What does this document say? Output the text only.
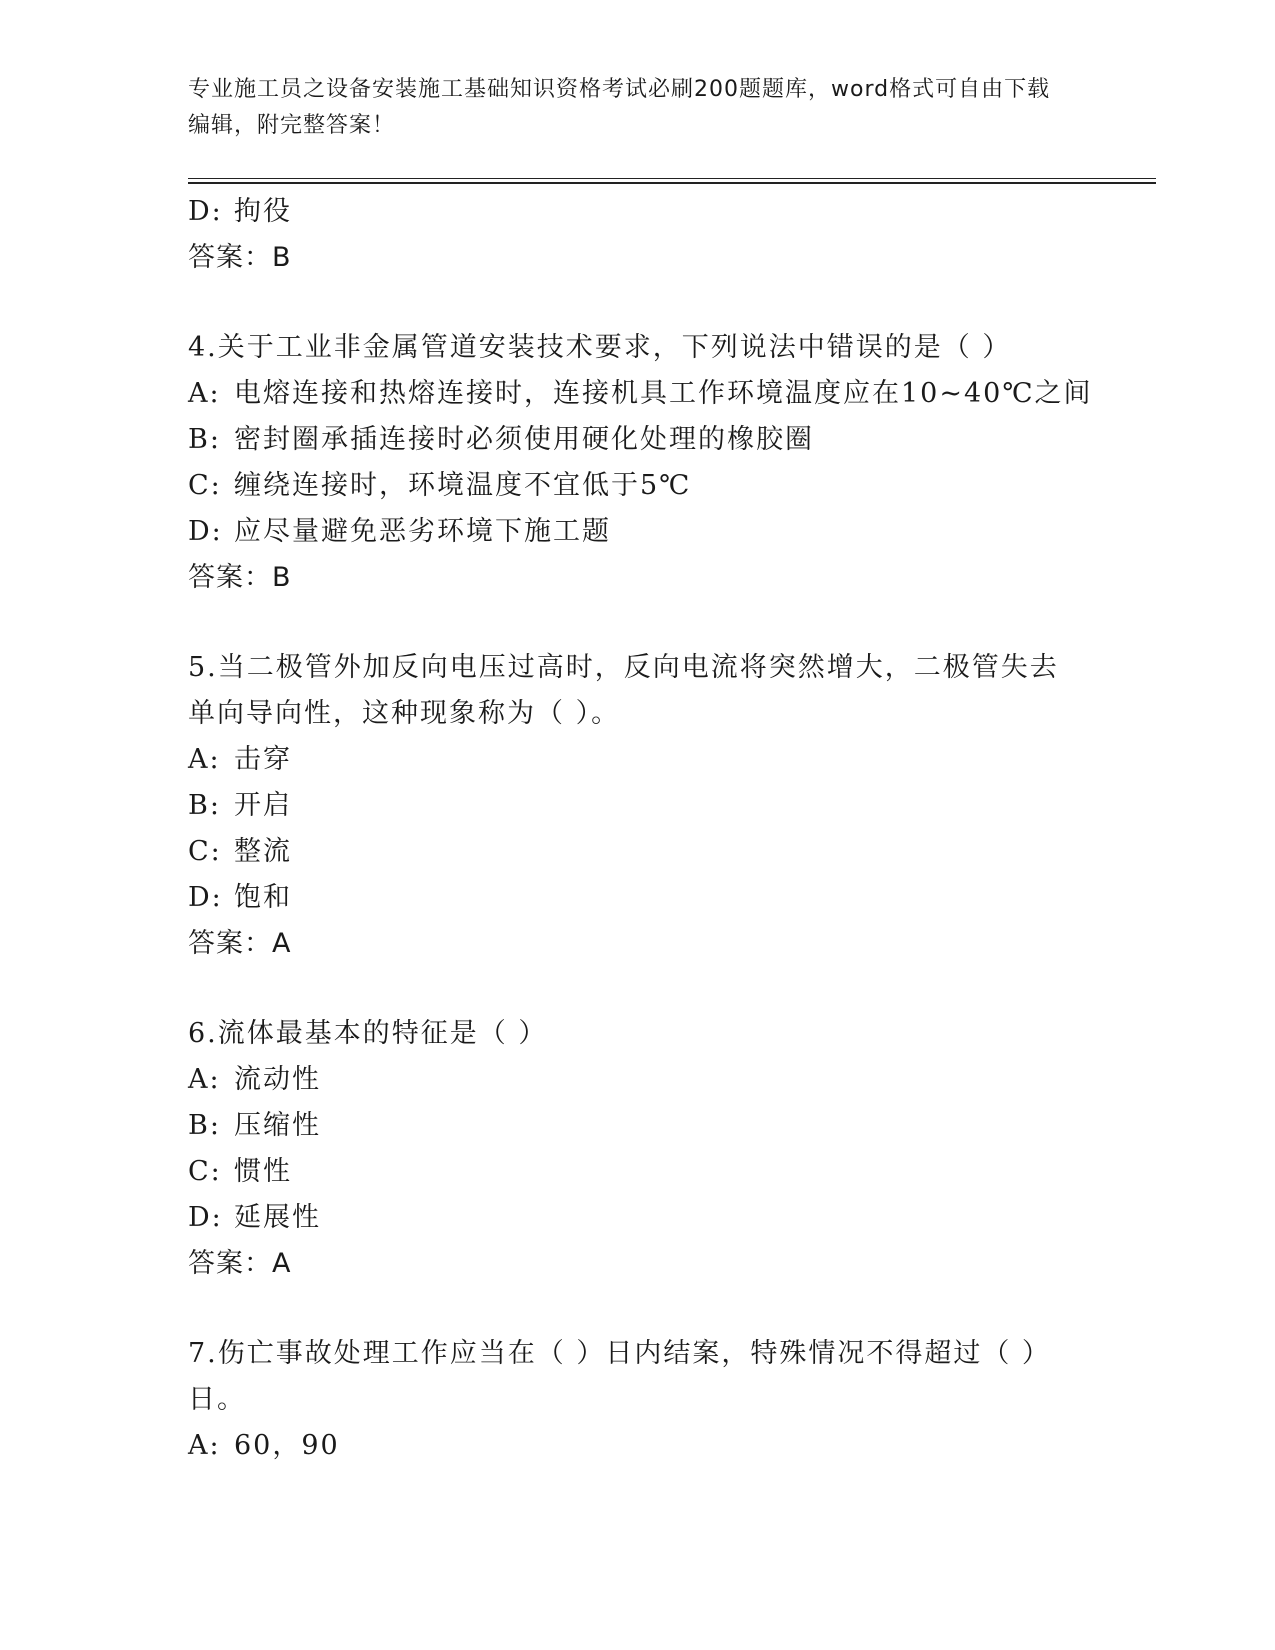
专业施工员之设备安装施工基础知识资格考试必刷200题题库，word格式可自由下载编辑，附完整答案！
D: 拘役
答案：B
4.关于工业非金属管道安装技术要求，下列说法中错误的是（ ）
A: 电熔连接和热熔连接时，连接机具工作环境温度应在10~40℃之间
B: 密封圈承插连接时必须使用硬化处理的橡胶圈
C: 缠绕连接时，环境温度不宜低于5℃
D: 应尽量避免恶劣环境下施工题
答案：B
5.当二极管外加反向电压过高时，反向电流将突然增大，二极管失去单向导向性，这种现象称为（ ）。
A: 击穿
B: 开启
C: 整流
D: 饱和
答案：A
6.流体最基本的特征是（ ）
A: 流动性
B: 压缩性
C: 惯性
D: 延展性
答案：A
7.伤亡事故处理工作应当在（ ）日内结案，特殊情况不得超过（ ）日。
A: 60，90
